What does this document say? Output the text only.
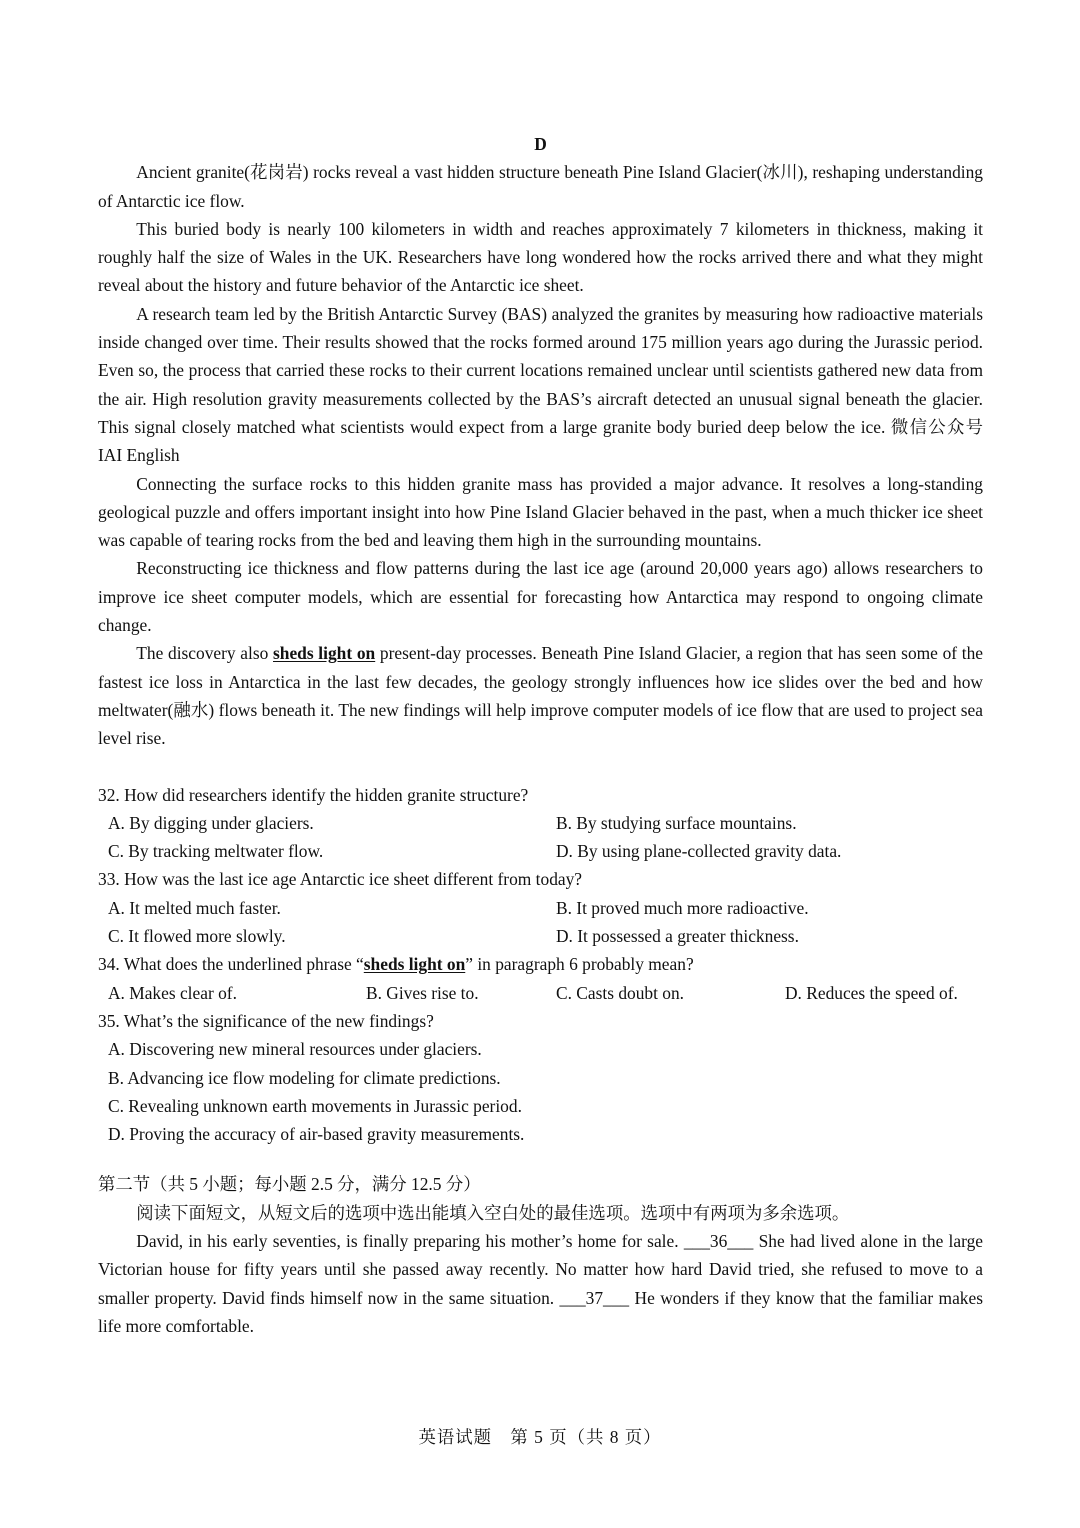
D

Ancient granite(花岗岩) rocks reveal a vast hidden structure beneath Pine Island Glacier(冰川), reshaping understanding of Antarctic ice flow.

This buried body is nearly 100 kilometers in width and reaches approximately 7 kilometers in thickness, making it roughly half the size of Wales in the UK. Researchers have long wondered how the rocks arrived there and what they might reveal about the history and future behavior of the Antarctic ice sheet.

A research team led by the British Antarctic Survey (BAS) analyzed the granites by measuring how radioactive materials inside changed over time. Their results showed that the rocks formed around 175 million years ago during the Jurassic period. Even so, the process that carried these rocks to their current locations remained unclear until scientists gathered new data from the air. High resolution gravity measurements collected by the BAS’s aircraft detected an unusual signal beneath the glacier. This signal closely matched what scientists would expect from a large granite body buried deep below the ice. 微信公众号 IAI English

Connecting the surface rocks to this hidden granite mass has provided a major advance. It resolves a long-standing geological puzzle and offers important insight into how Pine Island Glacier behaved in the past, when a much thicker ice sheet was capable of tearing rocks from the bed and leaving them high in the surrounding mountains.

Reconstructing ice thickness and flow patterns during the last ice age (around 20,000 years ago) allows researchers to improve ice sheet computer models, which are essential for forecasting how Antarctica may respond to ongoing climate change.

The discovery also sheds light on present-day processes. Beneath Pine Island Glacier, a region that has seen some of the fastest ice loss in Antarctica in the last few decades, the geology strongly influences how ice slides over the bed and how meltwater(融水) flows beneath it. The new findings will help improve computer models of ice flow that are used to project sea level rise.

32. How did researchers identify the hidden granite structure?

A. By digging under glaciers.	B. By studying surface mountains.
C. By tracking meltwater flow.	D. By using plane-collected gravity data.

33. How was the last ice age Antarctic ice sheet different from today?

A. It melted much faster.	B. It proved much more radioactive.
C. It flowed more slowly.	D. It possessed a greater thickness.

34. What does the underlined phrase “sheds light on” in paragraph 6 probably mean?

A. Makes clear of.	B. Gives rise to.	C. Casts doubt on.	D. Reduces the speed of.

35. What’s the significance of the new findings?

A. Discovering new mineral resources under glaciers.
B. Advancing ice flow modeling for climate predictions.
C. Revealing unknown earth movements in Jurassic period.
D. Proving the accuracy of air-based gravity measurements.

第二节（共 5 小题；每小题 2.5 分，满分 12.5 分）

阅读下面短文，从短文后的选项中选出能填入空白处的最佳选项。选项中有两项为多余选项。

David, in his early seventies, is finally preparing his mother’s home for sale. ___36___ She had lived alone in the large Victorian house for fifty years until she passed away recently. No matter how hard David tried, she refused to move to a smaller property. David finds himself now in the same situation. ___37___ He wonders if they know that the familiar makes life more comfortable.

英语试题　第 5 页（共 8 页）
